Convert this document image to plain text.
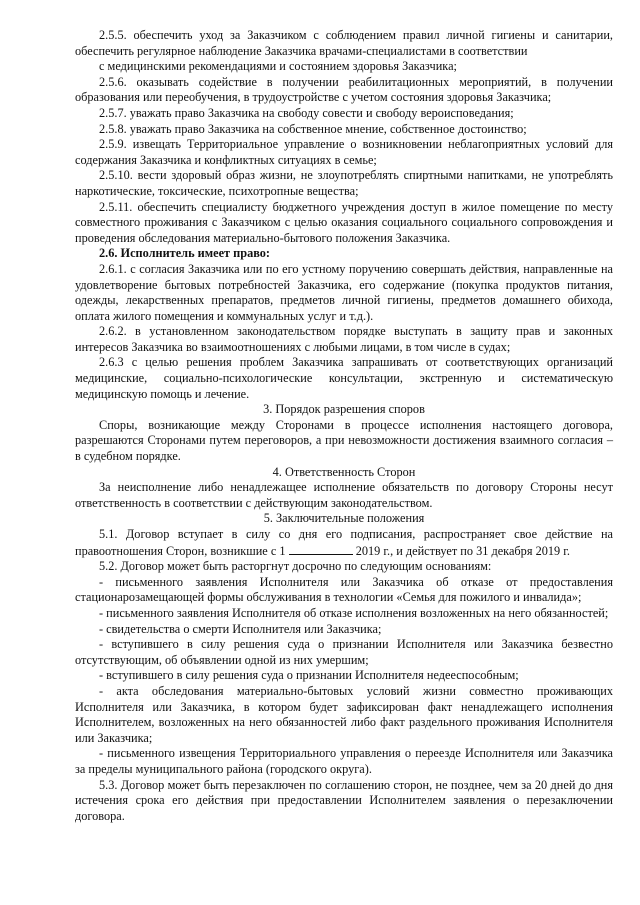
2.5.5. обеспечить уход за Заказчиком с соблюдением правил личной гигиены и санитарии, обеспечить регулярное наблюдение Заказчика врачами-специалистами в соответствии

с медицинскими рекомендациями и состоянием здоровья Заказчика;

2.5.6. оказывать содействие в получении реабилитационных мероприятий, в получении образования или переобучения, в трудоустройстве с учетом состояния здоровья Заказчика;

2.5.7. уважать право Заказчика на свободу совести и свободу вероисповедания;

2.5.8. уважать право Заказчика на собственное мнение, собственное достоинство;

2.5.9. извещать Территориальное управление о возникновении неблагоприятных условий для содержания Заказчика и конфликтных ситуациях в семье;

2.5.10. вести здоровый образ жизни, не злоупотреблять спиртными напитками, не употреблять наркотические, токсические, психотропные вещества;

2.5.11. обеспечить специалисту бюджетного учреждения доступ в жилое помещение по месту совместного проживания с Заказчиком с целью оказания социального социального сопровождения и проведения обследования материально-бытового положения Заказчика.

2.6. Исполнитель имеет право:

2.6.1. с согласия Заказчика или по его устному поручению совершать действия, направленные на удовлетворение бытовых потребностей Заказчика, его содержание (покупка продуктов питания, одежды, лекарственных препаратов, предметов личной гигиены, предметов домашнего обихода, оплата жилого помещения и коммунальных услуг и т.д.).

2.6.2. в установленном законодательством порядке выступать в защиту прав и законных интересов Заказчика во взаимоотношениях с любыми лицами, в том числе в судах;

2.6.3 с целью решения проблем Заказчика запрашивать от соответствующих организаций медицинские, социально-психологические консультации, экстренную и систематическую медицинскую помощь и лечение.

3. Порядок разрешения споров

Споры, возникающие между Сторонами в процессе исполнения настоящего договора, разрешаются Сторонами путем переговоров, а при невозможности достижения взаимного согласия – в судебном порядке.

4. Ответственность Сторон

За неисполнение либо ненадлежащее исполнение обязательств по договору Стороны несут ответственность в соответствии с действующим законодательством.

5. Заключительные положения

5.1. Договор вступает в силу со дня его подписания, распространяет свое действие на правоотношения Сторон, возникшие с 1	2019 г., и действует по 31 декабря 2019 г.

5.2. Договор может быть расторгнут досрочно по следующим основаниям:

- письменного заявления Исполнителя или Заказчика об отказе от предоставления стационарозамещающей формы обслуживания в технологии «Семья для пожилого и инвалида»;

- письменного заявления Исполнителя об отказе исполнения возложенных на него обязанностей;

- свидетельства о смерти Исполнителя или Заказчика;

- вступившего в силу решения суда о признании Исполнителя или Заказчика безвестно отсутствующим, об объявлении одной из них умершим;

- вступившего в силу решения суда о признании Исполнителя недееспособным;

- акта обследования материально-бытовых условий жизни совместно проживающих Исполнителя или Заказчика, в котором будет зафиксирован факт ненадлежащего исполнения Исполнителем, возложенных на него обязанностей либо факт раздельного проживания Исполнителя или Заказчика;

- письменного извещения Территориального управления о переезде Исполнителя или Заказчика за пределы муниципального района (городского округа).

5.3. Договор может быть перезаключен по соглашению сторон, не позднее, чем за 20 дней до дня истечения срока его действия при предоставлении Исполнителем заявления о перезаключении договора.
